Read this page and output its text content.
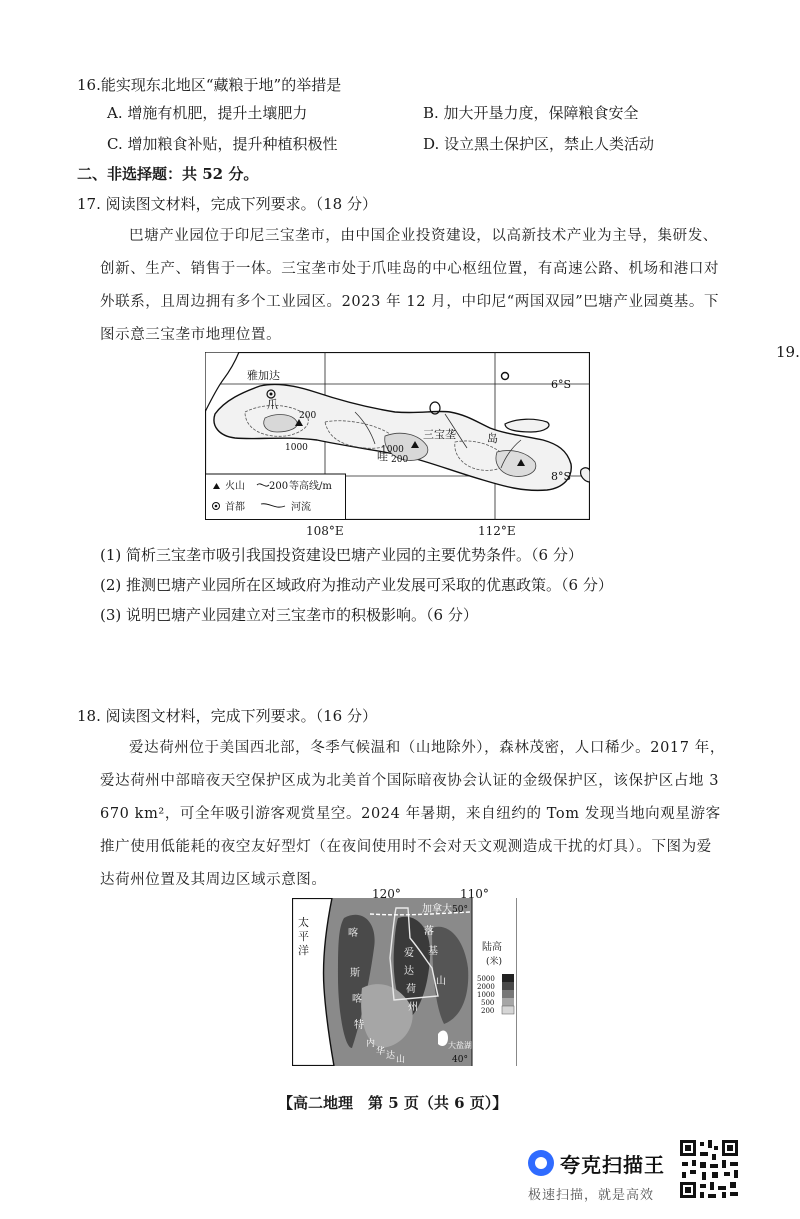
16.能实现东北地区“藏粮于地”的举措是
A. 增施有机肥，提升土壤肥力	B. 加大开垦力度，保障粮食安全
C. 增加粮食补贴，提升种植积极性	D. 设立黑土保护区，禁止人类活动
二、非选择题：共 52 分。
17. 阅读图文材料，完成下列要求。（18 分）
巴塘产业园位于印尼三宝垄市，由中国企业投资建设，以高新技术产业为主导，集研发、创新、生产、销售于一体。三宝垄市处于爪哇岛的中心枢纽位置，有高速公路、机场和港口对外联系，且周边拥有多个工业园区。2023 年 12 月，中印尼“两国双园”巴塘产业园奠基。下图示意三宝垄市地理位置。
19.
雅加达
三宝垄
爪
哇
岛
200
1000	1000
200
6°S
8°S
火山 200 等高线/m
首都	河流
108°E	112°E
(1) 简析三宝垄市吸引我国投资建设巴塘产业园的主要优势条件。（6 分）
(2) 推测巴塘产业园所在区域政府为推动产业发展可采取的优惠政策。（6 分）
(3) 说明巴塘产业园建立对三宝垄市的积极影响。（6 分）
18. 阅读图文材料，完成下列要求。（16 分）
爱达荷州位于美国西北部，冬季气候温和（山地除外），森林茂密，人口稀少。2017 年，爱达荷州中部暗夜天空保护区成为北美首个国际暗夜协会认证的金级保护区，该保护区占地 3 670 km²，可全年吸引游客观赏星空。2024 年暑期，来自纽约的 Tom 发现当地向观星游客推广使用低能耗的夜空友好型灯（在夜间使用时不会对天文观测造成干扰的灯具）。下图为爱达荷州位置及其周边区域示意图。
太
平
洋
加拿大 50°
40°
喀
斯
喀
特
爱
达
荷
州
落
基
山
内
华 达 山
大盐湖
陆高
(米)
5000
2000
1000
500
200
120°	110°
【高二地理　第 5 页（共 6 页）】
夸克扫描王
极速扫描，就是高效
